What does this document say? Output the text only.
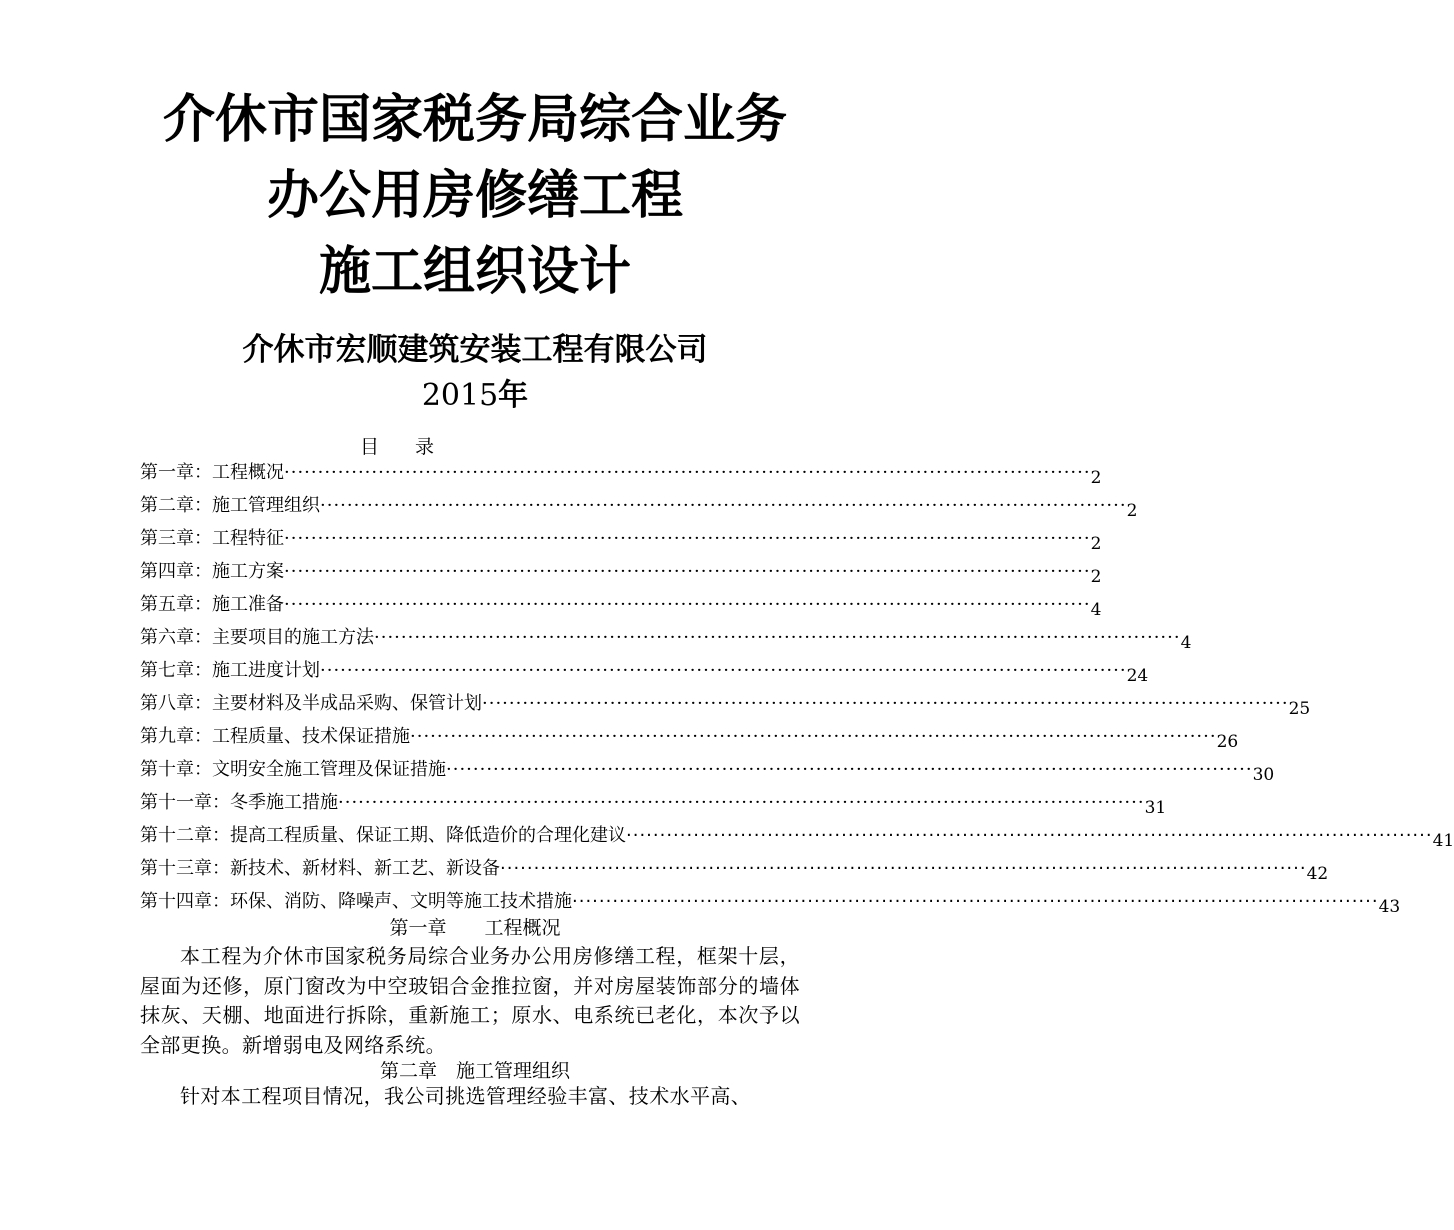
介休市国家税务局综合业务
办公用房修缮工程
施工组织设计
介休市宏顺建筑安装工程有限公司
2015年
目录
第一章：工程概况 ························································································································ 2
第二章：施工管理组织 ························································································································ 2
第三章：工程特征 ························································································································ 2
第四章：施工方案 ························································································································ 2
第五章：施工准备 ························································································································ 4
第六章：主要项目的施工方法 ························································································································ 4
第七章：施工进度计划 ························································································································ 24
第八章：主要材料及半成品采购、保管计划 ························································································································ 25
第九章：工程质量、技术保证措施 ························································································································ 26
第十章：文明安全施工管理及保证措施 ························································································································ 30
第十一章：冬季施工措施 ························································································································ 31
第十二章：提高工程质量、保证工期、降低造价的合理化建议 ························································································································ 41
第十三章：新技术、新材料、新工艺、新设备 ························································································································ 42
第十四章：环保、消防、降噪声、文明等施工技术措施 ························································································································ 43
第一章　　工程概况
本工程为介休市国家税务局综合业务办公用房修缮工程，框架十层，屋面为还修，原门窗改为中空玻铝合金推拉窗，并对房屋装饰部分的墙体抹灰、天棚、地面进行拆除，重新施工；原水、电系统已老化，本次予以全部更换。新增弱电及网络系统。
第二章　施工管理组织
针对本工程项目情况，我公司挑选管理经验丰富、技术水平高、
